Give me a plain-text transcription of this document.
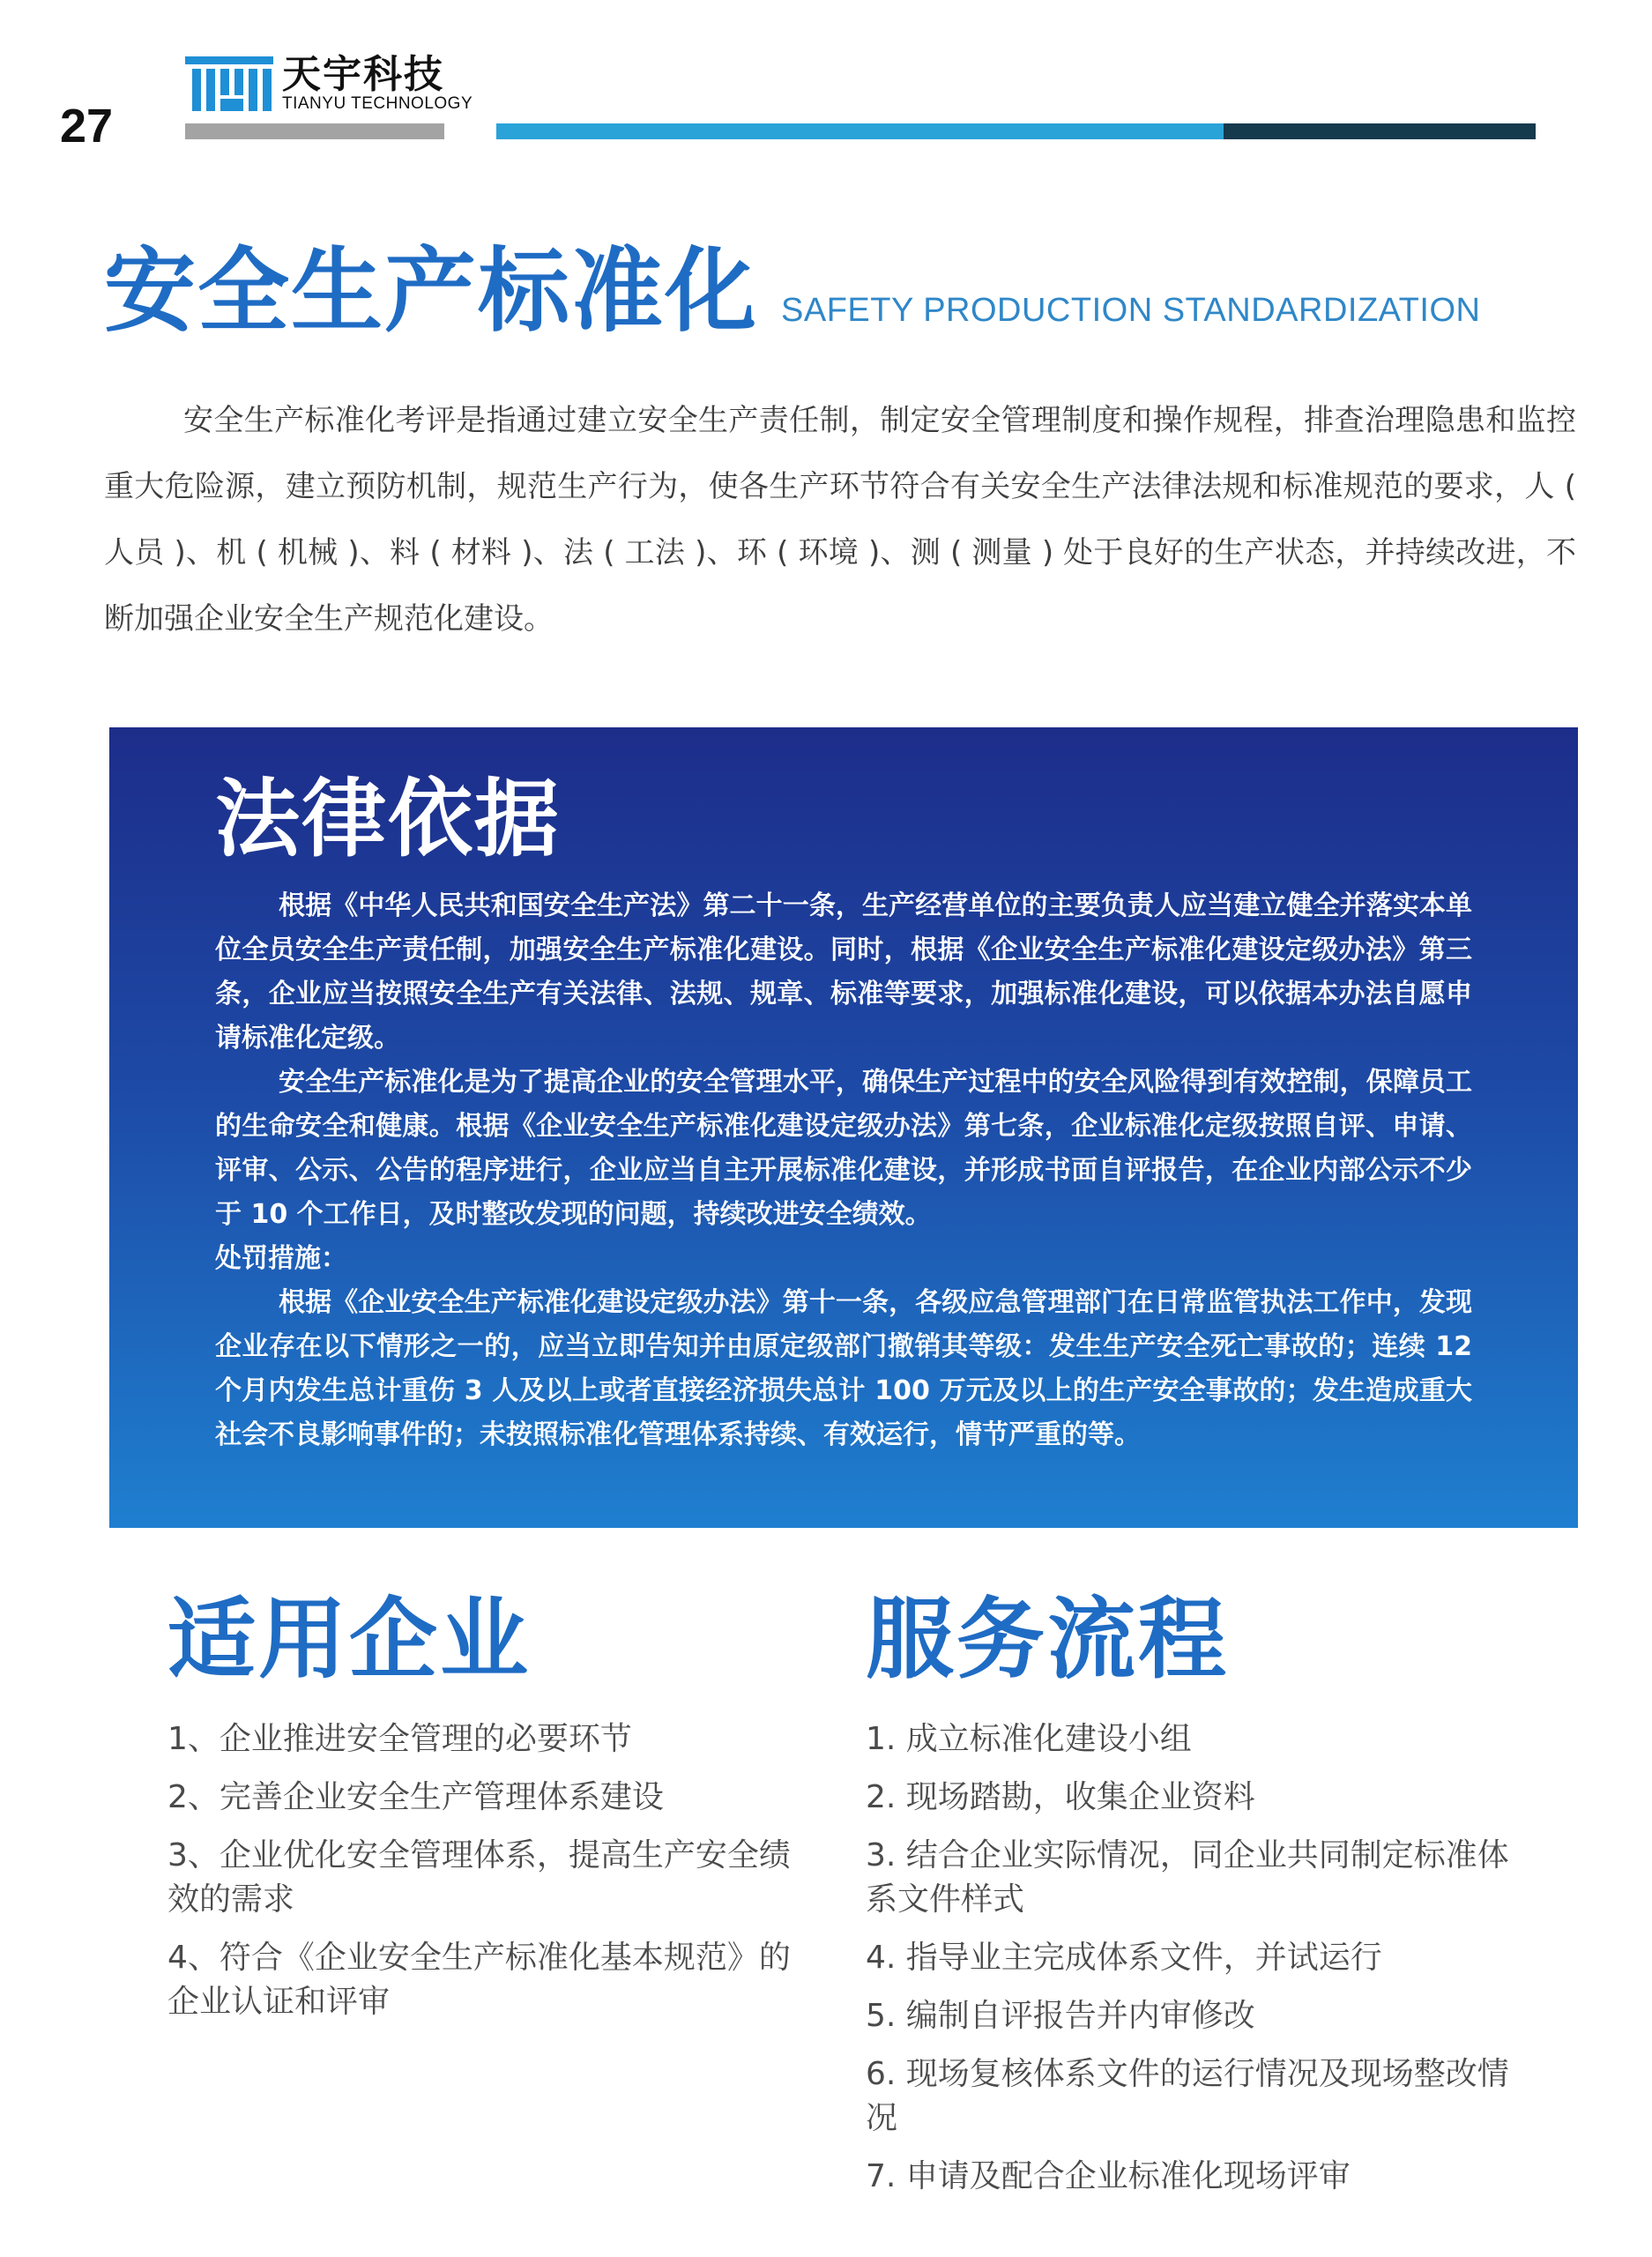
27
天宇科技
TIANYU TECHNOLOGY
安全生产标准化 SAFETY PRODUCTION STANDARDIZATION

安全生产标准化考评是指通过建立安全生产责任制，制定安全管理制度和操作规程，排查治理隐患和监控重大危险源，建立预防机制，规范生产行为，使各生产环节符合有关安全生产法律法规和标准规范的要求，人 ( 人员 )、机 ( 机械 )、料 ( 材料 )、法 ( 工法 )、环 ( 环境 )、测 ( 测量 ) 处于良好的生产状态，并持续改进，不断加强企业安全生产规范化建设。

法律依据

根据《中华人民共和国安全生产法》第二十一条，生产经营单位的主要负责人应当建立健全并落实本单位全员安全生产责任制，加强安全生产标准化建设。同时，根据《企业安全生产标准化建设定级办法》第三条，企业应当按照安全生产有关法律、法规、规章、标准等要求，加强标准化建设，可以依据本办法自愿申请标准化定级。

安全生产标准化是为了提高企业的安全管理水平，确保生产过程中的安全风险得到有效控制，保障员工的生命安全和健康。根据《企业安全生产标准化建设定级办法》第七条，企业标准化定级按照自评、申请、评审、公示、公告的程序进行，企业应当自主开展标准化建设，并形成书面自评报告，在企业内部公示不少于 10 个工作日，及时整改发现的问题，持续改进安全绩效。

处罚措施：

根据《企业安全生产标准化建设定级办法》第十一条，各级应急管理部门在日常监管执法工作中，发现企业存在以下情形之一的，应当立即告知并由原定级部门撤销其等级：发生生产安全死亡事故的；连续 12 个月内发生总计重伤 3 人及以上或者直接经济损失总计 100 万元及以上的生产安全事故的；发生造成重大社会不良影响事件的；未按照标准化管理体系持续、有效运行，情节严重的等。

适用企业
1、企业推进安全管理的必要环节
2、完善企业安全生产管理体系建设
3、企业优化安全管理体系，提高生产安全绩效的需求
4、符合《企业安全生产标准化基本规范》的企业认证和评审
服务流程
1. 成立标准化建设小组
2. 现场踏勘，收集企业资料
3. 结合企业实际情况，同企业共同制定标准体系文件样式
4. 指导业主完成体系文件，并试运行
5. 编制自评报告并内审修改
6. 现场复核体系文件的运行情况及现场整改情况
7. 申请及配合企业标准化现场评审
